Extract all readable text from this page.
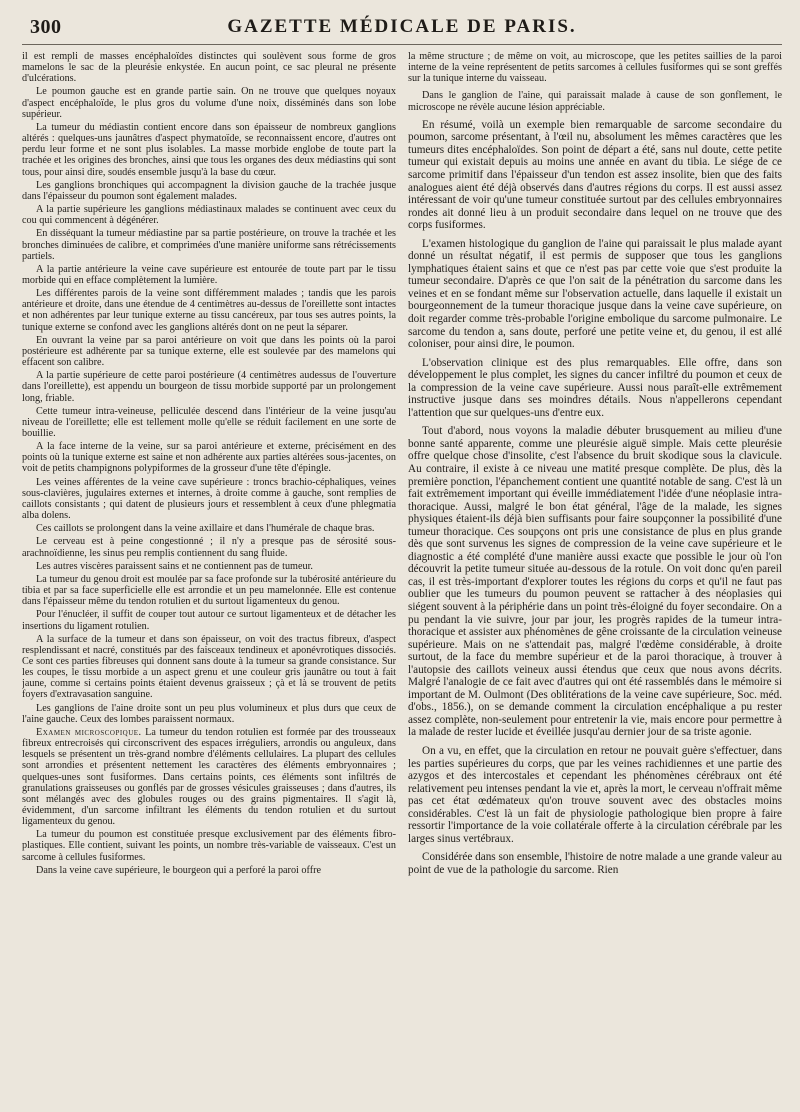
300	GAZETTE MÉDICALE DE PARIS.

il est rempli de masses encéphaloïdes distinctes qui soulèvent sous forme de gros mamelons le sac de la pleurésie enkystée. En aucun point, ce sac pleural ne présente d'ulcérations.

Le poumon gauche est en grande partie sain. On ne trouve que quelques noyaux d'aspect encéphaloïde, le plus gros du volume d'une noix, disséminés dans son lobe supérieur.

La tumeur du médiastin contient encore dans son épaisseur de nombreux ganglions altérés : quelques-uns jaunâtres d'aspect phymatoïde, se reconnaissent encore, d'autres ont perdu leur forme et ne sont plus isolables. La masse morbide englobe de toute part la trachée et les origines des bronches, ainsi que tous les organes des deux médiastins qui sont tous, pour ainsi dire, soudés ensemble jusqu'à la base du cœur.

Les ganglions bronchiques qui accompagnent la division gauche de la trachée jusque dans l'épaisseur du poumon sont également malades.

A la partie supérieure les ganglions médiastinaux malades se continuent avec ceux du cou qui commencent à dégénérer.

En disséquant la tumeur médiastine par sa partie postérieure, on trouve la trachée et les bronches diminuées de calibre, et comprimées d'une manière uniforme sans rétrécissements partiels.

A la partie antérieure la veine cave supérieure est entourée de toute part par le tissu morbide qui en efface complètement la lumière.

Les différentes parois de la veine sont différemment malades ; tandis que les parois antérieure et droite, dans une étendue de 4 centimètres au-dessus de l'oreillette sont intactes et non adhérentes par leur tunique externe au tissu cancéreux, par tous ses autres points, la tunique externe se confond avec les ganglions altérés dont on ne peut la séparer.

En ouvrant la veine par sa paroi antérieure on voit que dans les points où la paroi postérieure est adhérente par sa tunique externe, elle est soulevée par des mamelons qui effacent son calibre.

A la partie supérieure de cette paroi postérieure (4 centimètres audessus de l'ouverture dans l'oreillette), est appendu un bourgeon de tissu morbide supporté par un prolongement long, friable.

Cette tumeur intra-veineuse, pelliculée descend dans l'intérieur de la veine jusqu'au niveau de l'oreillette; elle est tellement molle qu'elle se réduit facilement en une sorte de bouillie.

A la face interne de la veine, sur sa paroi antérieure et externe, précisément en des points où la tunique externe est saine et non adhérente aux parties altérées sous-jacentes, on voit de petits champignons polypiformes de la grosseur d'une tête d'épingle.

Les veines afférentes de la veine cave supérieure : troncs brachio-céphaliques, veines sous-clavières, jugulaires externes et internes, à droite comme à gauche, sont remplies de caillots consistants ; qui datent de plusieurs jours et ressemblent à ceux d'une phlegmatia alba dolens.

Ces caillots se prolongent dans la veine axillaire et dans l'humérale de chaque bras.

Le cerveau est à peine congestionné ; il n'y a presque pas de sérosité sous-arachnoïdienne, les sinus peu remplis contiennent du sang fluide.

Les autres viscères paraissent sains et ne contiennent pas de tumeur.

La tumeur du genou droit est moulée par sa face profonde sur la tubérosité antérieure du tibia et par sa face superficielle elle est arrondie et un peu mamelonnée. Elle est contenue dans l'épaisseur même du tendon rotulien et du surtout ligamenteux du genou.

Pour l'énucléer, il suffit de couper tout autour ce surtout ligamenteux et de détacher les insertions du ligament rotulien.

A la surface de la tumeur et dans son épaisseur, on voit des tractus fibreux, d'aspect resplendissant et nacré, constitués par des faisceaux tendineux et aponévrotiques dissociés. Ce sont ces parties fibreuses qui donnent sans doute à la tumeur sa grande consistance. Sur les coupes, le tissu morbide a un aspect grenu et une couleur gris jaunâtre ou tout à fait jaune, comme si certains points étaient devenus graisseux ; çà et là se trouvent de petits foyers d'extravasation sanguine.

Les ganglions de l'aine droite sont un peu plus volumineux et plus durs que ceux de l'aine gauche. Ceux des lombes paraissent normaux.

Examen microscopique. La tumeur du tendon rotulien est formée par des trousseaux fibreux entrecroisés qui circonscrivent des espaces irréguliers, arrondis ou anguleux, dans lesquels se présentent un très-grand nombre d'éléments cellulaires. La plupart des cellules sont arrondies et présentent nettement les caractères des éléments embryonnaires ; quelques-unes sont fusiformes. Dans certains points, ces éléments sont infiltrés de granulations graisseuses ou gonflés par de grosses vésicules graisseuses ; dans d'autres, ils sont mélangés avec des globules rouges ou des grains pigmentaires. Il s'agit là, évidemment, d'un sarcome infiltrant les éléments du tendon rotulien et du surtout ligamenteux du genou.

La tumeur du poumon est constituée presque exclusivement par des éléments fibro-plastiques. Elle contient, suivant les points, un nombre très-variable de vaisseaux. C'est un sarcome à cellules fusiformes.

Dans la veine cave supérieure, le bourgeon qui a perforé la paroi offre

la même structure ; de même on voit, au microscope, que les petites saillies de la paroi interne de la veine représentent de petits sarcomes à cellules fusiformes qui se sont greffés sur la tunique interne du vaisseau.

Dans le ganglion de l'aine, qui paraissait malade à cause de son gonflement, le microscope ne révèle aucune lésion appréciable.

En résumé, voilà un exemple bien remarquable de sarcome secondaire du poumon, sarcome présentant, à l'œil nu, absolument les mêmes caractères que les tumeurs dites encéphaloïdes. Son point de départ a été, sans nul doute, cette petite tumeur qui existait depuis au moins une année en avant du tibia. Le siége de ce sarcome primitif dans l'épaisseur d'un tendon est assez insolite, bien que des faits analogues aient été déjà observés dans d'autres régions du corps. Il est aussi assez intéressant de voir qu'une tumeur constituée surtout par des cellules embryonnaires rondes ait donné lieu à un produit secondaire dans lequel on ne trouve que des corps fusiformes.

L'examen histologique du ganglion de l'aine qui paraissait le plus malade ayant donné un résultat négatif, il est permis de supposer que tous les ganglions lymphatiques étaient sains et que ce n'est pas par cette voie que s'est produite la tumeur secondaire. D'après ce que l'on sait de la pénétration du sarcome dans les veines et en se fondant même sur l'observation actuelle, dans laquelle il existait un bourgeonnement de la tumeur thoracique jusque dans la veine cave supérieure, on doit regarder comme très-probable l'origine embolique du sarcome pulmonaire. Le sarcome du tendon a, sans doute, perforé une petite veine et, du genou, il est allé coloniser, pour ainsi dire, le poumon.

L'observation clinique est des plus remarquables. Elle offre, dans son développement le plus complet, les signes du cancer infiltré du poumon et ceux de la compression de la veine cave supérieure. Aussi nous paraît-elle extrêmement instructive jusque dans ses moindres détails. Nous n'appellerons cependant l'attention que sur quelques-uns d'entre eux.

Tout d'abord, nous voyons la maladie débuter brusquement au milieu d'une bonne santé apparente, comme une pleurésie aiguë simple. Mais cette pleurésie offre quelque chose d'insolite, c'est l'absence du bruit skodique sous la clavicule. Au contraire, il existe à ce niveau une matité presque complète. De plus, dès la première ponction, l'épanchement contient une quantité notable de sang. C'est là un fait extrêmement important qui éveille immédiatement l'idée d'une néoplasie intra-thoracique. Aussi, malgré le bon état général, l'âge de la malade, les signes physiques étaient-ils déjà bien suffisants pour faire soupçonner la possibilité d'une tumeur thoracique. Ces soupçons ont pris une consistance de plus en plus grande dès que sont survenus les signes de compression de la veine cave supérieure et le diagnostic a été complété d'une manière aussi exacte que possible le jour où l'on découvrit la petite tumeur située au-dessous de la rotule. On voit donc qu'en pareil cas, il est très-important d'explorer toutes les régions du corps et qu'il ne faut pas oublier que les tumeurs du poumon peuvent se rattacher à des néoplasies qui siégent souvent à la périphérie dans un point très-éloigné du foyer secondaire. On a pu pendant la vie suivre, jour par jour, les progrès rapides de la tumeur intra-thoracique et assister aux phénomènes de gêne croissante de la circulation veineuse supérieure. Mais on ne s'attendait pas, malgré l'œdème considérable, à droite surtout, de la face du membre supérieur et de la paroi thoracique, à trouver à l'autopsie des caillots veineux aussi étendus que ceux que nous avons décrits. Malgré l'analogie de ce fait avec d'autres qui ont été rassemblés dans le mémoire si important de M. Oulmont (Des oblitérations de la veine cave supérieure, Soc. méd. d'obs., 1856.), on se demande comment la circulation encéphalique a pu rester assez complète, non-seulement pour entretenir la vie, mais encore pour permettre à la malade de rester lucide et éveillée jusqu'au dernier jour de sa triste agonie.

On a vu, en effet, que la circulation en retour ne pouvait guère s'effectuer, dans les parties supérieures du corps, que par les veines rachidiennes et une partie des azygos et des intercostales et cependant les phénomènes cérébraux ont été relativement peu intenses pendant la vie et, après la mort, le cerveau n'offrait même pas cet état œdémateux qu'on trouve souvent avec des obstacles moins considérables. C'est là un fait de physiologie pathologique bien propre à faire ressortir l'importance de la voie collatérale offerte à la circulation cérébrale par les larges sinus vertébraux.

Considérée dans son ensemble, l'histoire de notre malade a une grande valeur au point de vue de la pathologie du sarcome. Rien
